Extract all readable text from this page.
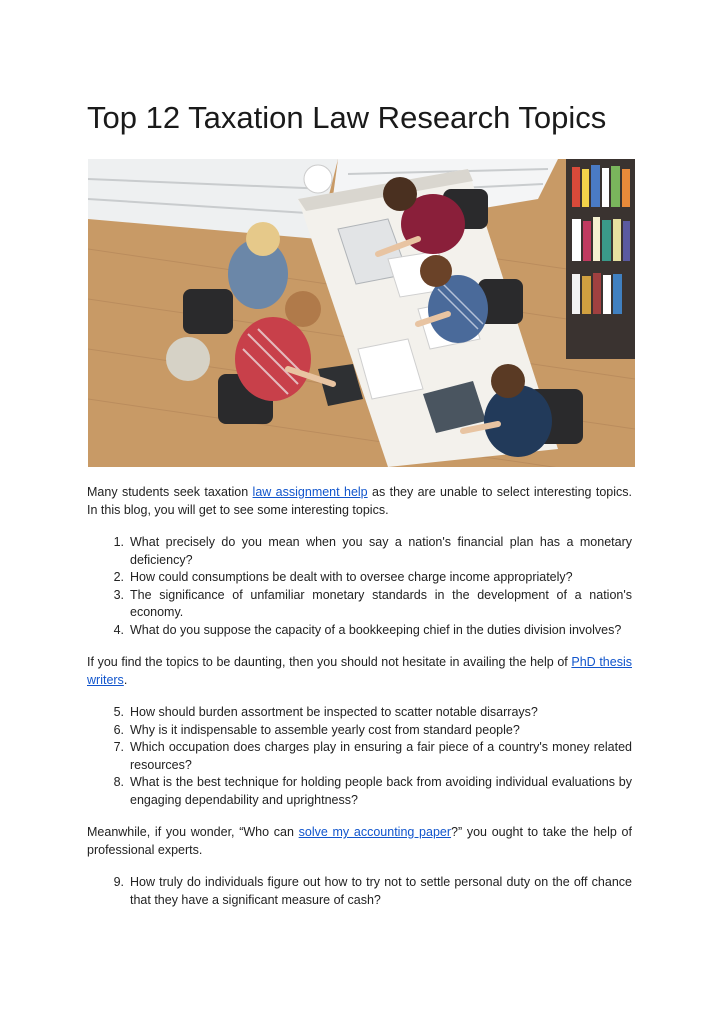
Top 12 Taxation Law Research Topics

Many students seek taxation law assignment help as they are unable to select interesting topics. In this blog, you will get to see some interesting topics.

1. What precisely do you mean when you say a nation's financial plan has a monetary deficiency?
2. How could consumptions be dealt with to oversee charge income appropriately?
3. The significance of unfamiliar monetary standards in the development of a nation's economy.
4. What do you suppose the capacity of a bookkeeping chief in the duties division involves?

If you find the topics to be daunting, then you should not hesitate in availing the help of PhD thesis writers.

5. How should burden assortment be inspected to scatter notable disarrays?
6. Why is it indispensable to assemble yearly cost from standard people?
7. Which occupation does charges play in ensuring a fair piece of a country's money related resources?
8. What is the best technique for holding people back from avoiding individual evaluations by engaging dependability and uprightness?

Meanwhile, if you wonder, “Who can solve my accounting paper?” you ought to take the help of professional experts.

9. How truly do individuals figure out how to try not to settle personal duty on the off chance that they have a significant measure of cash?
